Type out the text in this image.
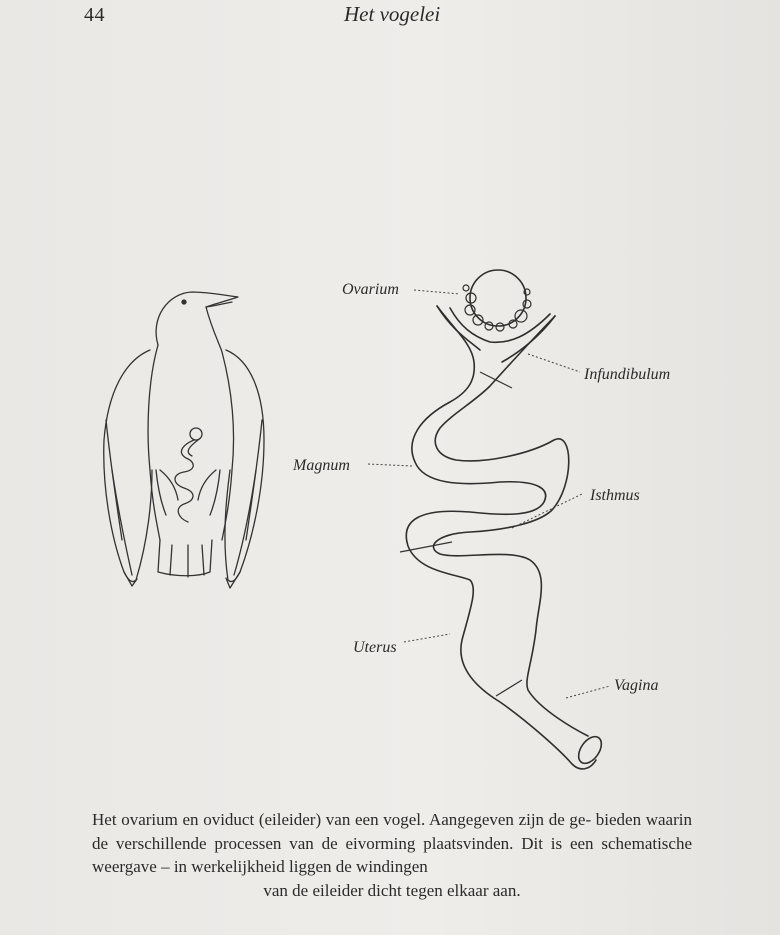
44	Het vogelei
Ovarium
Infundibulum
Magnum
Isthmus
Uterus
Vagina
Het ovarium en oviduct (eileider) van een vogel. Aangegeven zijn de ge- bieden waarin de verschillende processen van de eivorming plaatsvinden. Dit is een schematische weergave – in werkelijkheid liggen de windingen
van de eileider dicht tegen elkaar aan.
